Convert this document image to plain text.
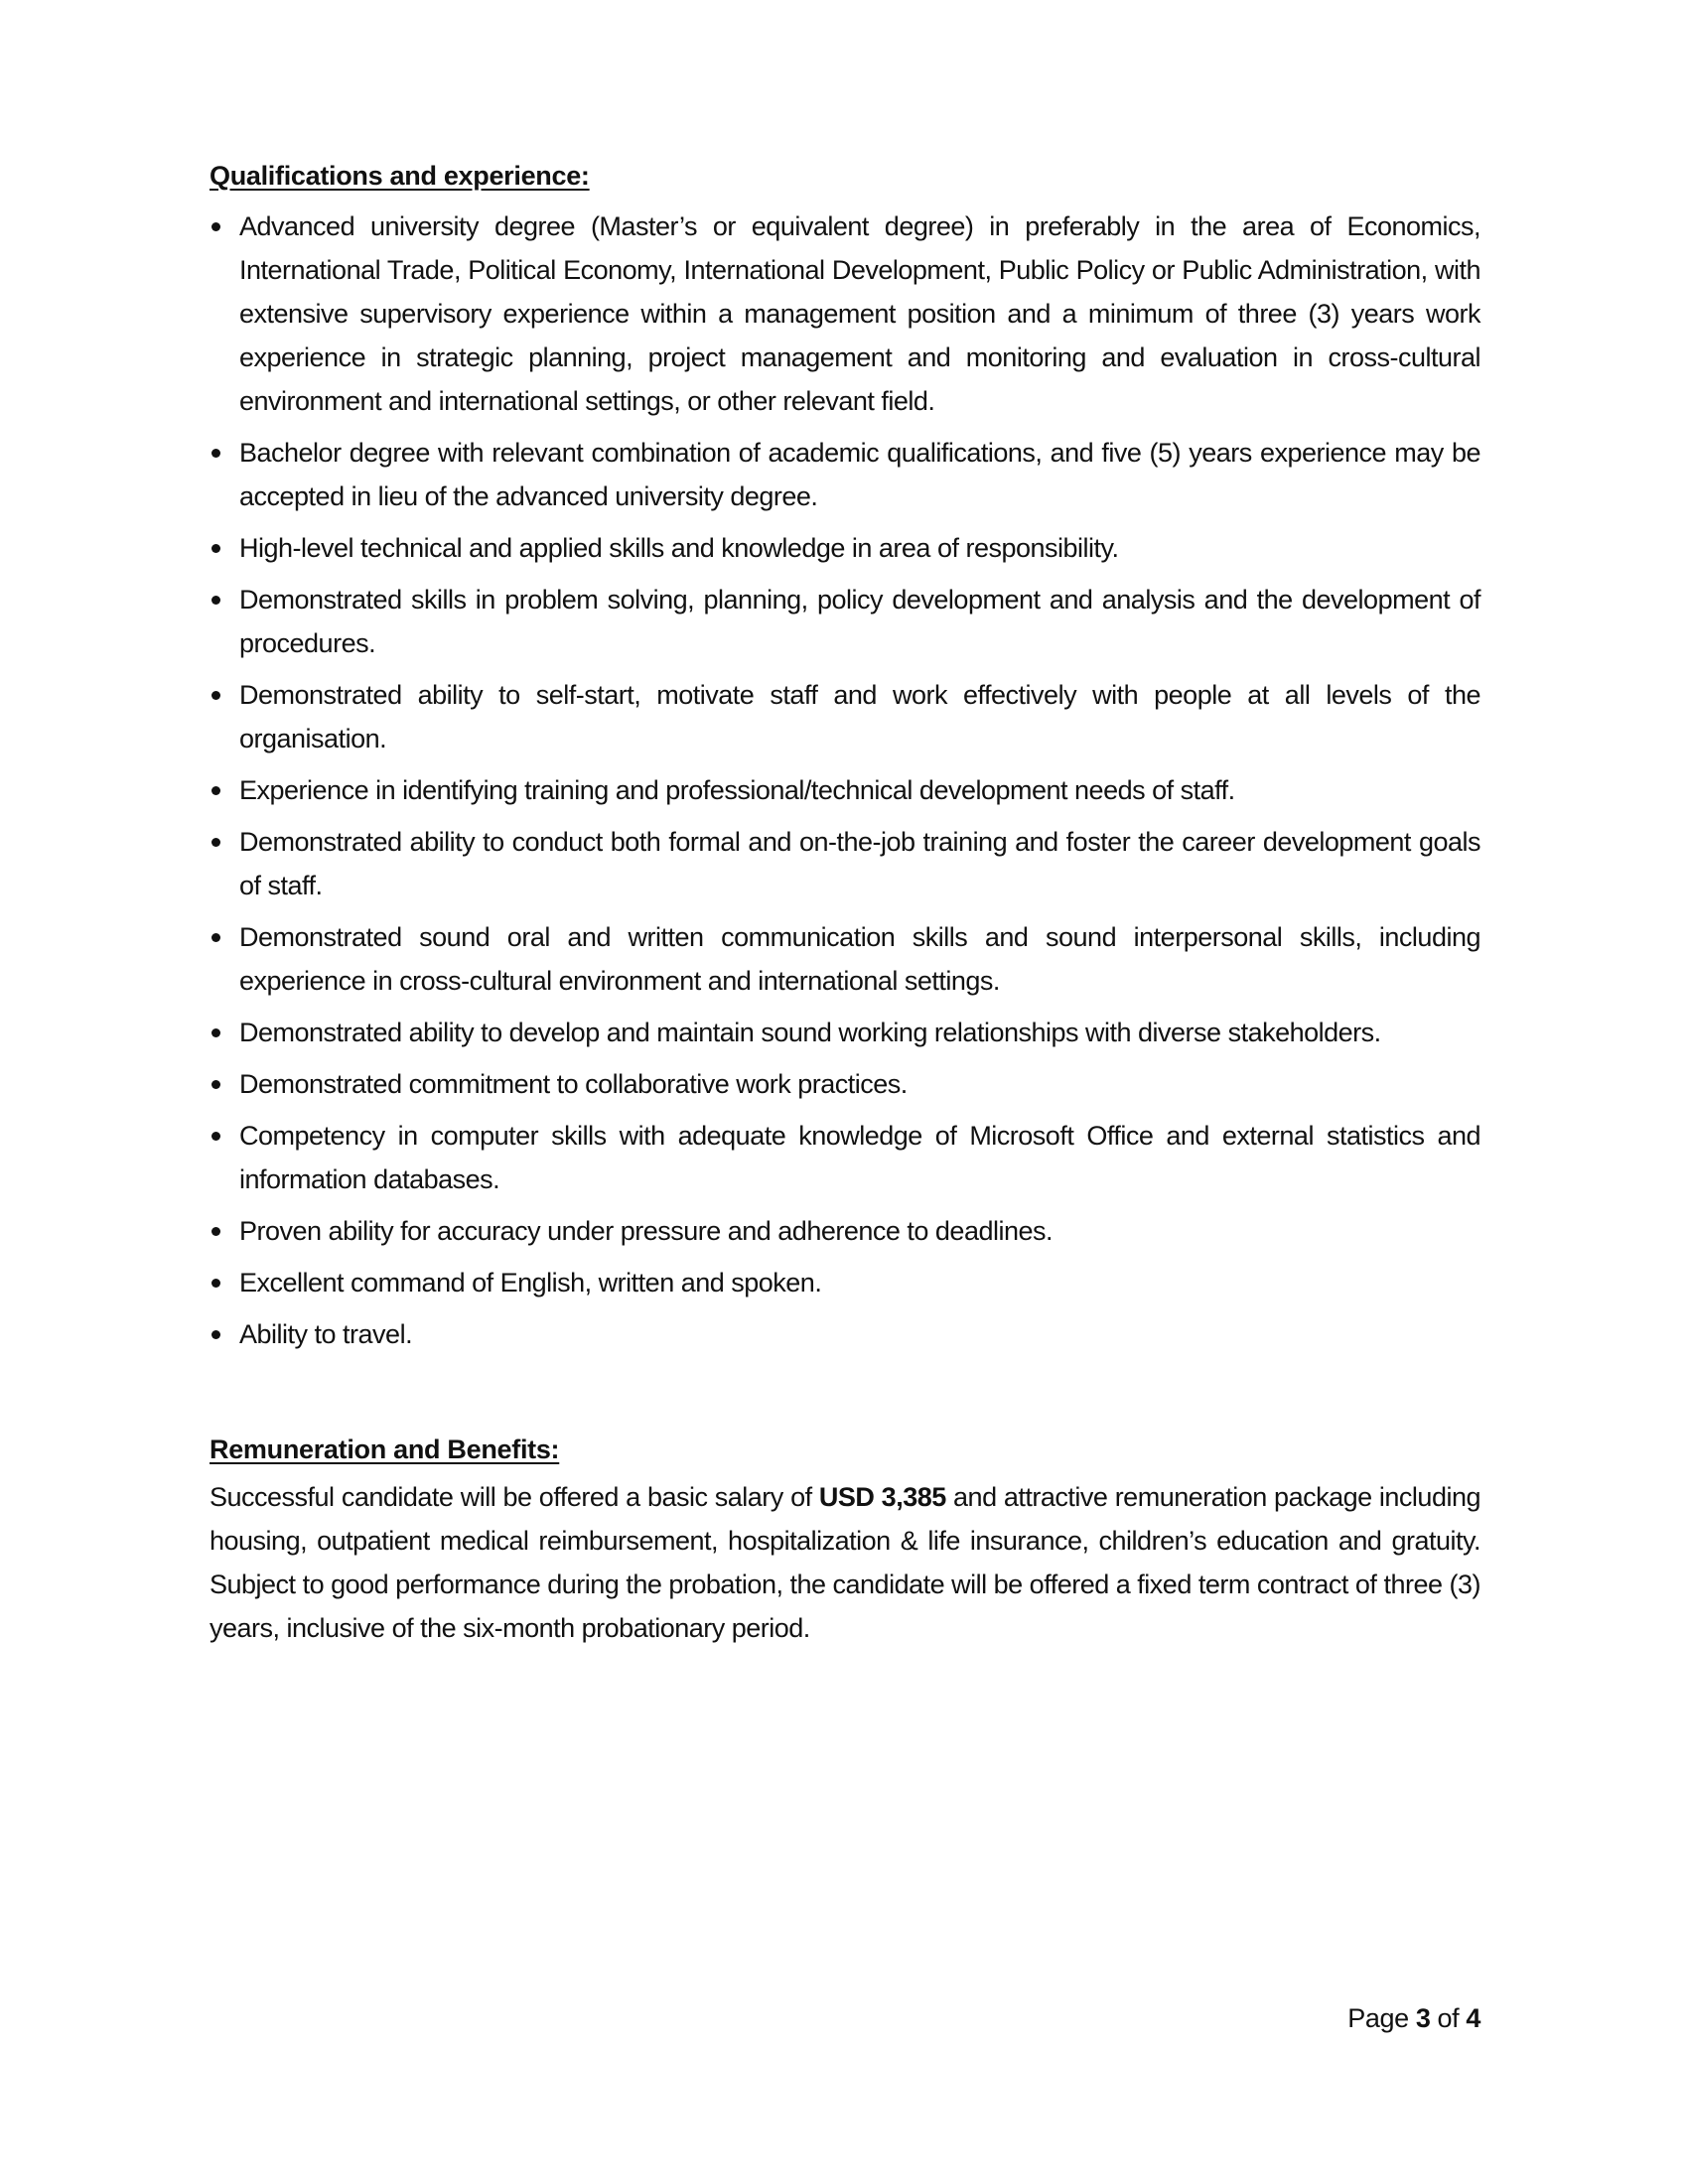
Qualifications and experience:
Advanced university degree (Master’s or equivalent degree) in preferably in the area of Economics, International Trade, Political Economy, International Development, Public Policy or Public Administration, with extensive supervisory experience within a management position and a minimum of three (3) years work experience in strategic planning, project management and monitoring and evaluation in cross-cultural environment and international settings, or other relevant field.
Bachelor degree with relevant combination of academic qualifications, and five (5) years experience may be accepted in lieu of the advanced university degree.
High-level technical and applied skills and knowledge in area of responsibility.
Demonstrated skills in problem solving, planning, policy development and analysis and the development of procedures.
Demonstrated ability to self-start, motivate staff and work effectively with people at all levels of the organisation.
Experience in identifying training and professional/technical development needs of staff.
Demonstrated ability to conduct both formal and on-the-job training and foster the career development goals of staff.
Demonstrated sound oral and written communication skills and sound interpersonal skills, including experience in cross-cultural environment and international settings.
Demonstrated ability to develop and maintain sound working relationships with diverse stakeholders.
Demonstrated commitment to collaborative work practices.
Competency in computer skills with adequate knowledge of Microsoft Office and external statistics and information databases.
Proven ability for accuracy under pressure and adherence to deadlines.
Excellent command of English, written and spoken.
Ability to travel.
Remuneration and Benefits:

Successful candidate will be offered a basic salary of USD 3,385 and attractive remuneration package including housing, outpatient medical reimbursement, hospitalization & life insurance, children’s education and gratuity. Subject to good performance during the probation, the candidate will be offered a fixed term contract of three (3) years, inclusive of the six-month probationary period.

Page 3 of 4
